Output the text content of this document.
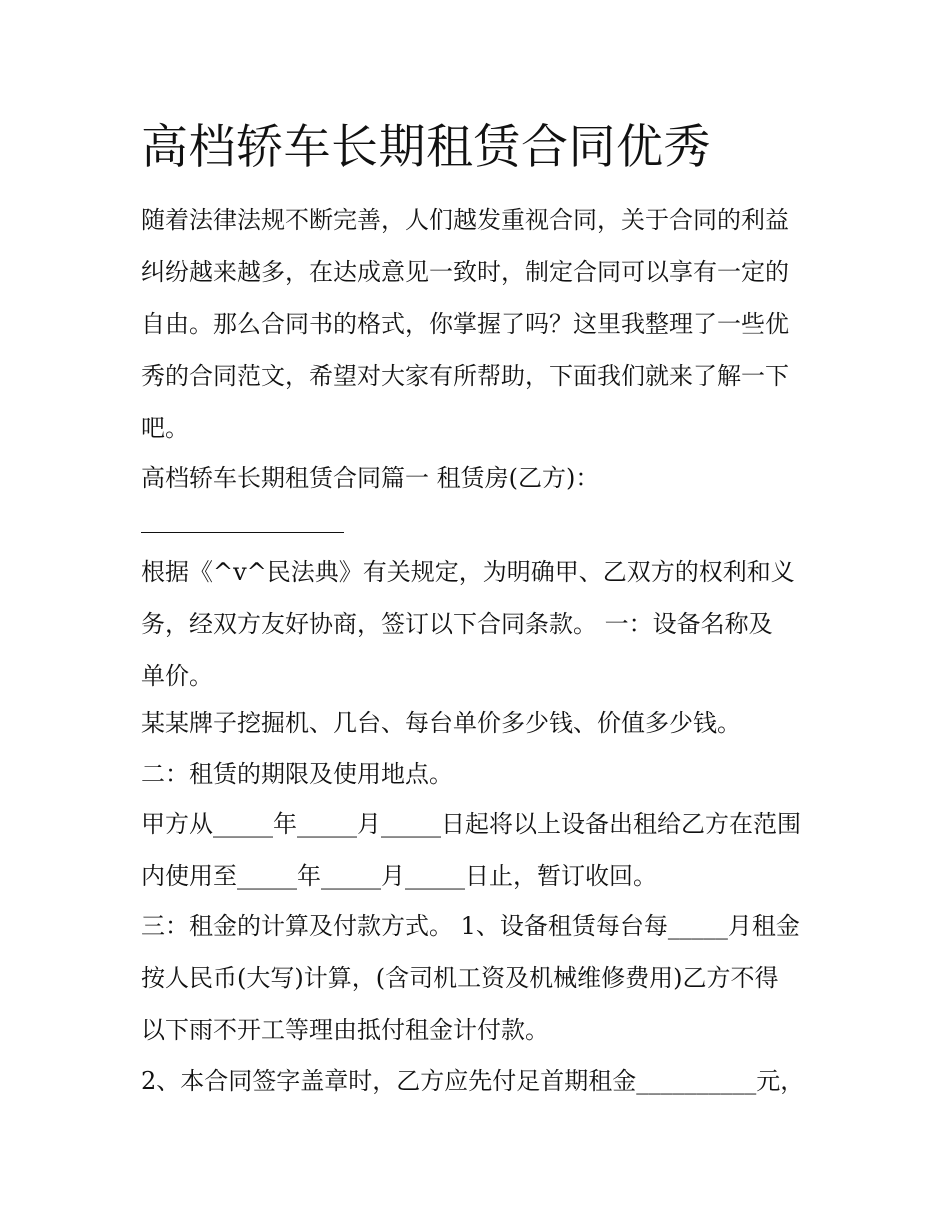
高档轿车长期租赁合同优秀
随着法律法规不断完善，人们越发重视合同，关于合同的利益
纠纷越来越多，在达成意见一致时，制定合同可以享有一定的
自由。那么合同书的格式，你掌握了吗？这里我整理了一些优
秀的合同范文，希望对大家有所帮助，下面我们就来了解一下
吧。
高档轿车长期租赁合同篇一 租赁房(乙方)：
根据《^v^民法典》有关规定，为明确甲、乙双方的权利和义
务，经双方友好协商，签订以下合同条款。 一：设备名称及
单价。
某某牌子挖掘机、几台、每台单价多少钱、价值多少钱。
二：租赁的期限及使用地点。
甲方从_____年_____月_____日起将以上设备出租给乙方在范围
内使用至_____年_____月_____日止，暂订收回。
三：租金的计算及付款方式。 1、设备租赁每台每_____月租金
按人民币(大写)计算，(含司机工资及机械维修费用)乙方不得
以下雨不开工等理由抵付租金计付款。
2、本合同签字盖章时，乙方应先付足首期租金__________元，
